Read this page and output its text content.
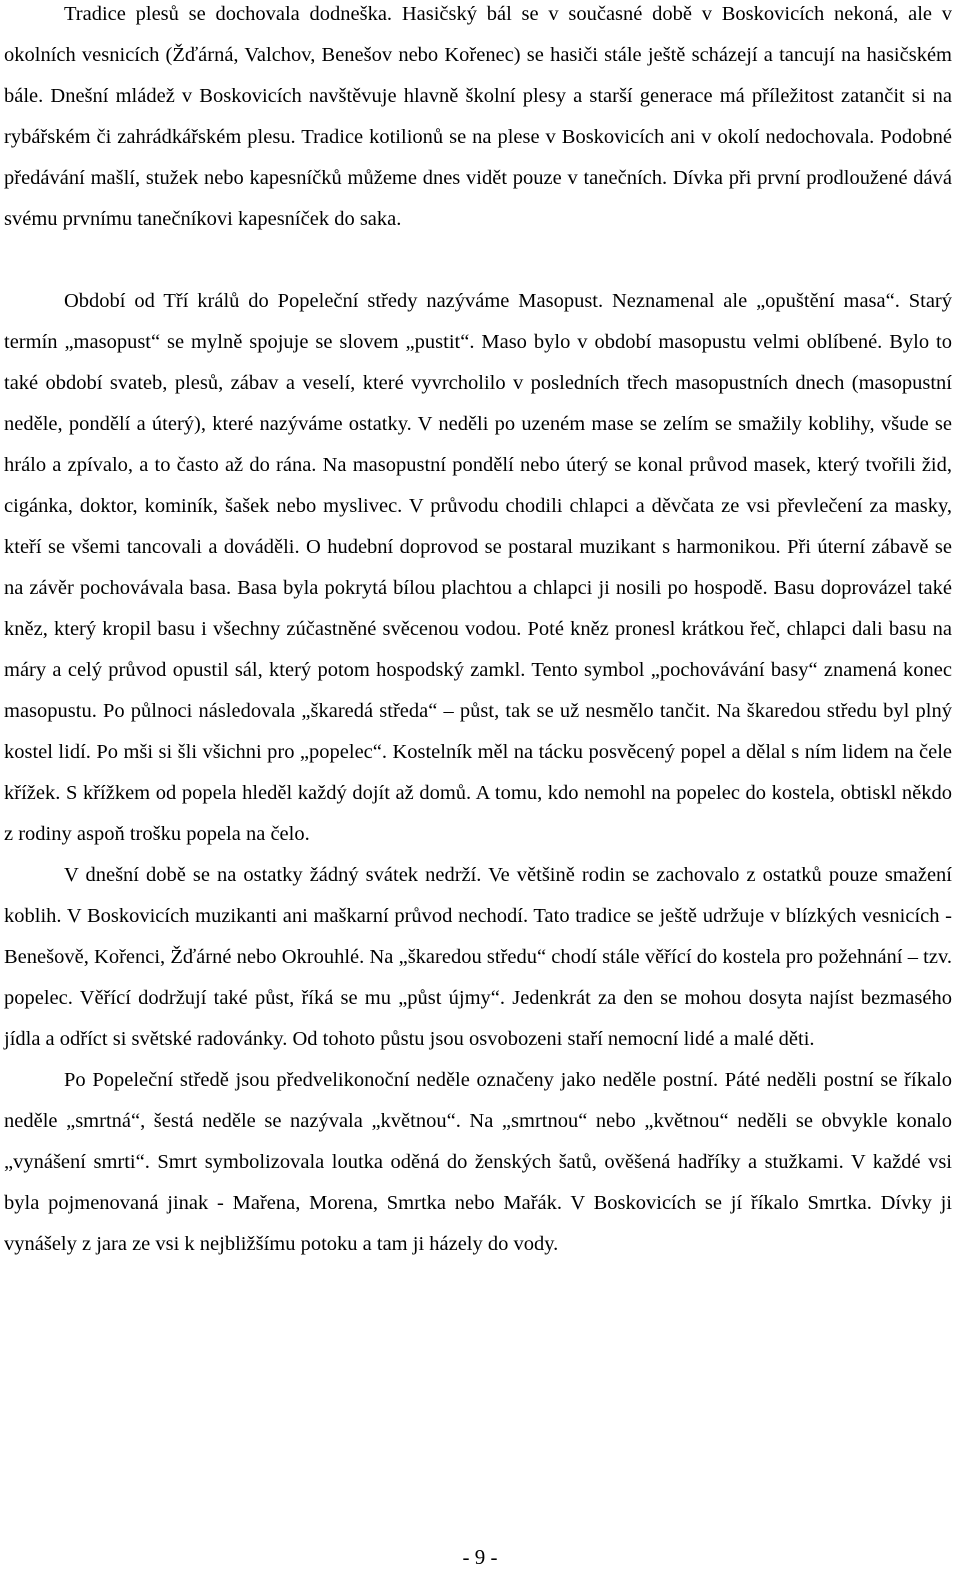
Tradice plesů se dochovala dodneška. Hasičský bál se v současné době v Boskovicích nekoná, ale v okolních vesnicích (Žďárná, Valchov, Benešov nebo Kořenec) se hasiči stále ještě scházejí a tancují na hasičském bále. Dnešní mládež v Boskovicích navštěvuje hlavně školní plesy a starší generace má příležitost zatančit si na rybářském či zahrádkářském plesu. Tradice kotilionů se na plese v Boskovicích ani v okolí nedochovala. Podobné předávání mašlí, stužek nebo kapesníčků můžeme dnes vidět pouze v tanečních. Dívka při první prodloužené dává svému prvnímu tanečníkovi kapesníček do saka.

Období od Tří králů do Popeleční středy nazýváme Masopust. Neznamenal ale „opuštění masa“. Starý termín „masopust“ se mylně spojuje se slovem „pustit“. Maso bylo v období masopustu velmi oblíbené. Bylo to také období svateb, plesů, zábav a veselí, které vyvrcholilo v posledních třech masopustních dnech (masopustní neděle, pondělí a úterý), které nazýváme ostatky. V neděli po uzeném mase se zelím se smažily koblihy, všude se hrálo a zpívalo, a to často až do rána. Na masopustní pondělí nebo úterý se konal průvod masek, který tvořili žid, cigánka, doktor, kominík, šašek nebo myslivec. V průvodu chodili chlapci a děvčata ze vsi převlečení za masky, kteří se všemi tancovali a dováděli. O hudební doprovod se postaral muzikant s harmonikou. Při úterní zábavě se na závěr pochovávala basa. Basa byla pokrytá bílou plachtou a chlapci ji nosili po hospodě. Basu doprovázel také kněz, který kropil basu i všechny zúčastněné svěcenou vodou. Poté kněz pronesl krátkou řeč, chlapci dali basu na máry a celý průvod opustil sál, který potom hospodský zamkl. Tento symbol „pochovávání basy“ znamená konec masopustu. Po půlnoci následovala „škaredá středa“ – půst, tak se už nesmělo tančit. Na škaredou středu byl plný kostel lidí. Po mši si šli všichni pro „popelec“. Kostelník měl na tácku posvěcený popel a dělal s ním lidem na čele křížek. S křížkem od popela hleděl každý dojít až domů. A tomu, kdo nemohl na popelec do kostela, obtiskl někdo z rodiny aspoň trošku popela na čelo.

V dnešní době se na ostatky žádný svátek nedrží. Ve většině rodin se zachovalo z ostatků pouze smažení koblih. V Boskovicích muzikanti ani maškarní průvod nechodí. Tato tradice se ještě udržuje v blízkých vesnicích - Benešově, Kořenci, Žďárné nebo Okrouhlé. Na „škaredou středu“ chodí stále věřící do kostela pro požehnání – tzv. popelec. Věřící dodržují také půst, říká se mu „půst újmy“. Jedenkrát za den se mohou dosyta najíst bezmasého jídla a odříct si světské radovánky. Od tohoto půstu jsou osvobozeni staří nemocní lidé a malé děti.

Po Popeleční středě jsou předvelikonoční neděle označeny jako neděle postní. Páté neděli postní se říkalo neděle „smrtná“, šestá neděle se nazývala „květnou“. Na „smrtnou“ nebo „květnou“ neděli se obvykle konalo „vynášení smrti“. Smrt symbolizovala loutka oděná do ženských šatů, ověšená hadříky a stužkami. V každé vsi byla pojmenovaná jinak - Mařena, Morena, Smrtka nebo Mařák. V Boskovicích se jí říkalo Smrtka. Dívky ji vynášely z jara ze vsi k nejbližšímu potoku a tam ji házely do vody.

- 9 -
